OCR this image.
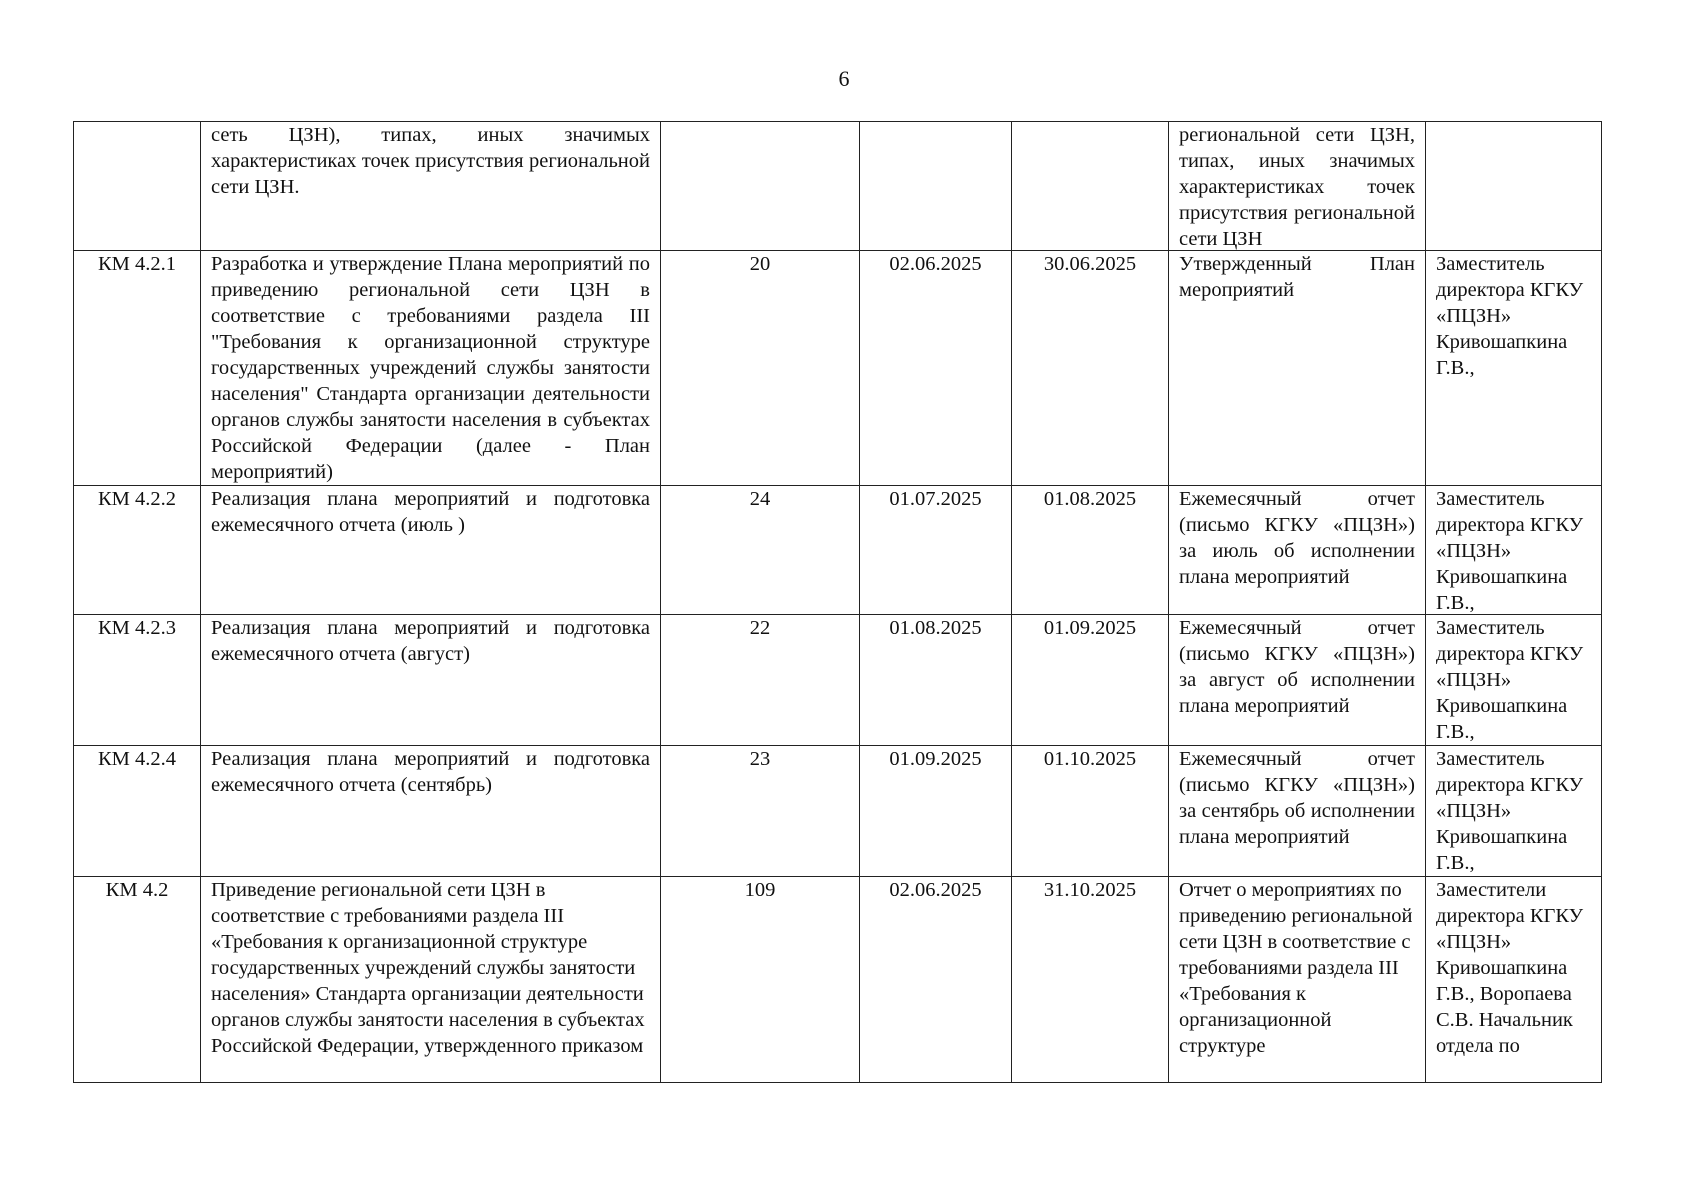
6

	сеть ЦЗН), типах, иных значимых характеристиках точек присутствия региональной сети ЦЗН.				региональной сети ЦЗН, типах, иных значимых характеристиках точек присутствия региональной сети ЦЗН	

КМ 4.2.1	Разработка и утверждение Плана мероприятий по приведению региональной сети ЦЗН в соответствие с требованиями раздела III "Требования к организационной структуре государственных учреждений службы занятости населения" Стандарта организации деятельности органов службы занятости населения в субъектах Российской Федерации (далее - План мероприятий)	20	02.06.2025	30.06.2025	Утвержденный План мероприятий	Заместитель директора КГКУ «ПЦЗН» Кривошапкина Г.В.,

КМ 4.2.2	Реализация плана мероприятий и подготовка ежемесячного отчета (июль )	24	01.07.2025	01.08.2025	Ежемесячный отчет (письмо КГКУ «ПЦЗН») за июль об исполнении плана мероприятий	Заместитель директора КГКУ «ПЦЗН» Кривошапкина Г.В.,

КМ 4.2.3	Реализация плана мероприятий и подготовка ежемесячного отчета (август)	22	01.08.2025	01.09.2025	Ежемесячный отчет (письмо КГКУ «ПЦЗН») за август об исполнении плана мероприятий	Заместитель директора КГКУ «ПЦЗН» Кривошапкина Г.В.,

КМ 4.2.4	Реализация плана мероприятий и подготовка ежемесячного отчета (сентябрь)	23	01.09.2025	01.10.2025	Ежемесячный отчет (письмо КГКУ «ПЦЗН») за сентябрь об исполнении плана мероприятий	Заместитель директора КГКУ «ПЦЗН» Кривошапкина Г.В.,

КМ 4.2	Приведение региональной сети ЦЗН в соответствие с требованиями раздела III «Требования к организационной структуре государственных учреждений службы занятости населения» Стандарта организации деятельности органов службы занятости населения в субъектах Российской Федерации, утвержденного приказом	109	02.06.2025	31.10.2025	Отчет о мероприятиях по приведению региональной сети ЦЗН в соответствие с требованиями раздела III «Требования к организационной структуре	Заместители директора КГКУ «ПЦЗН» Кривошапкина Г.В., Воропаева С.В. Начальник отдела по
